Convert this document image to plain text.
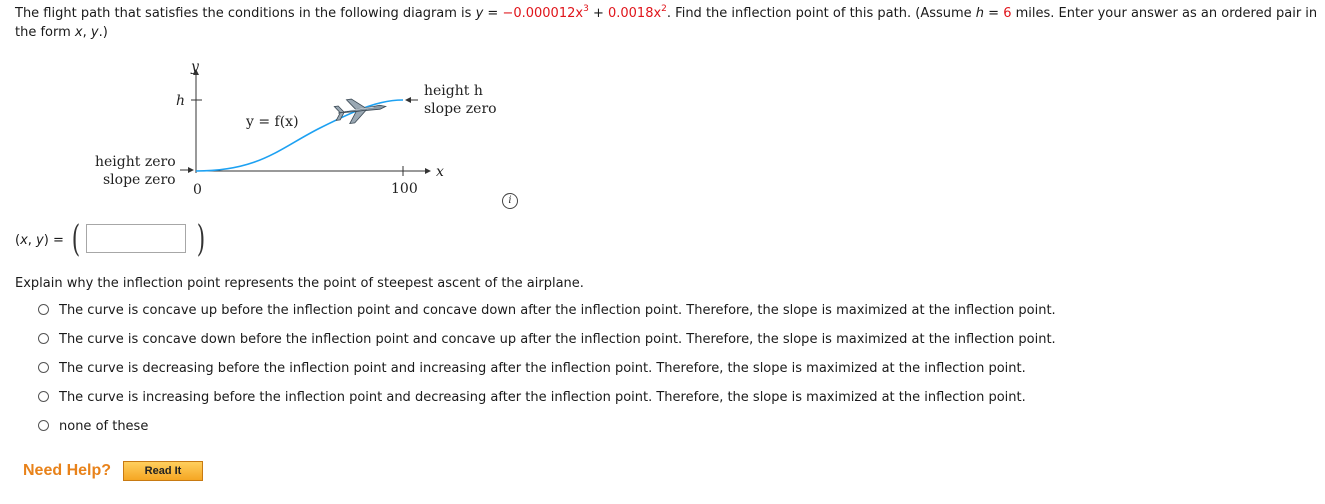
The flight path that satisfies the conditions in the following diagram is $y = -0.000012x^3 + 0.0018x^2$. Find the inflection point of this path. (Assume h = 6 miles. Enter your answer as an ordered pair in the form x, y.)
y
h
y = f(x)
height h
slope zero
height zero
slope zero
0	100
x
i
(x, y) = (	)
Explain why the inflection point represents the point of steepest ascent of the airplane.
The curve is concave up before the inflection point and concave down after the inflection point. Therefore, the slope is maximized at the inflection point.
The curve is concave down before the inflection point and concave up after the inflection point. Therefore, the slope is maximized at the inflection point.
The curve is decreasing before the inflection point and increasing after the inflection point. Therefore, the slope is maximized at the inflection point.
The curve is increasing before the inflection point and decreasing after the inflection point. Therefore, the slope is maximized at the inflection point.
none of these
Need Help?	Read It
